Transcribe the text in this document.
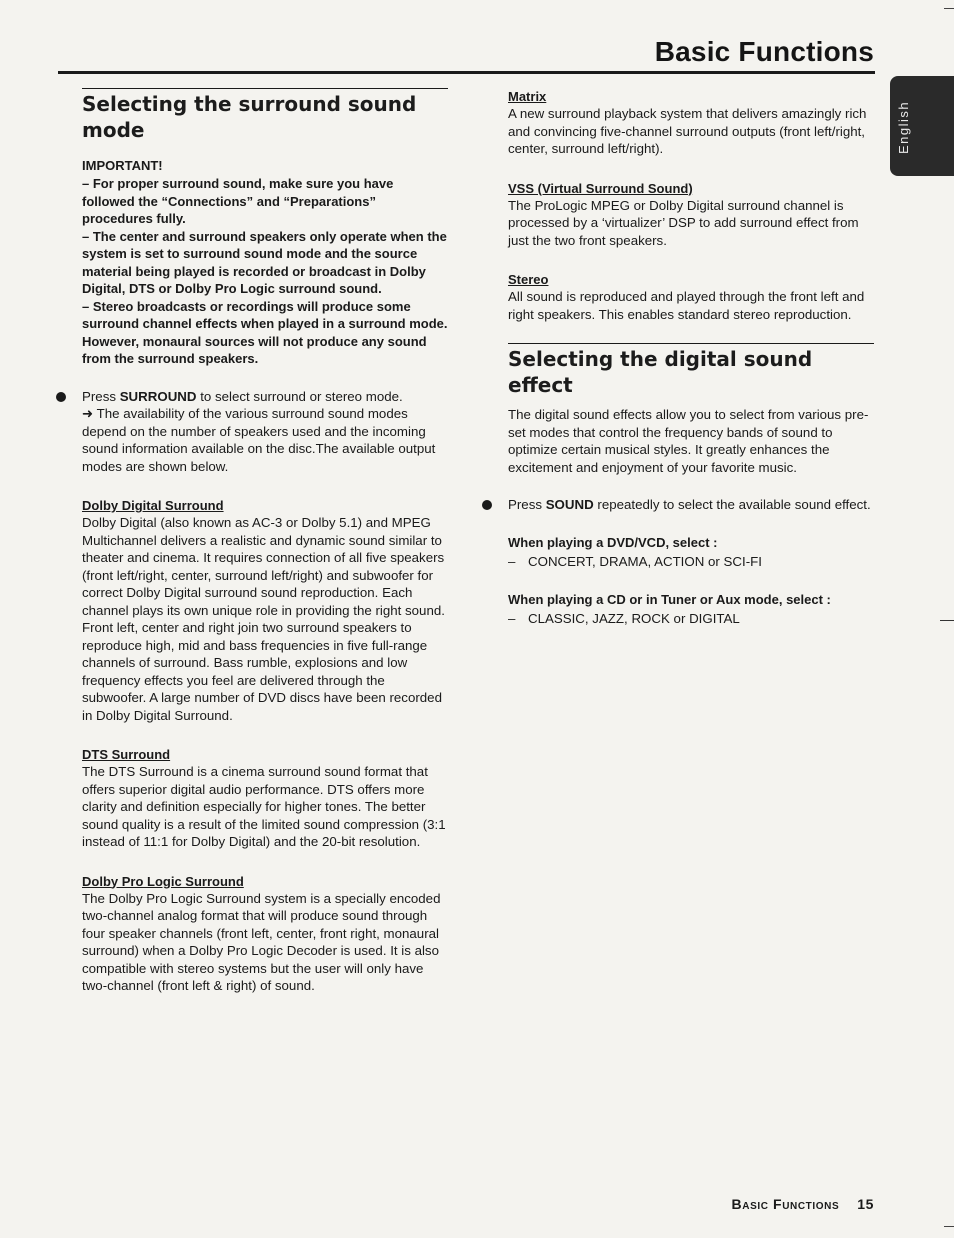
Basic Functions
English
Selecting the surround sound mode
IMPORTANT!

– For proper surround sound, make sure you have followed the “Connections” and “Preparations” procedures fully.

– The center and surround speakers only operate when the system is set to surround sound mode and the source material being played is recorded or broadcast in Dolby Digital, DTS or Dolby Pro Logic surround sound.

– Stereo broadcasts or recordings will produce some surround channel effects when played in a surround mode. However, monaural sources will not produce any sound from the surround speakers.

Press SURROUND to select surround or stereo mode.

➜ The availability of the various surround sound modes depend on the number of speakers used and the incoming sound information available on the disc.The available output modes are shown below.

Dolby Digital Surround

Dolby Digital (also known as AC-3 or Dolby 5.1) and MPEG Multichannel delivers a realistic and dynamic sound similar to theater and cinema. It requires connection of all five speakers (front left/right, center, surround left/right) and subwoofer for correct Dolby Digital surround sound reproduction. Each channel plays its own unique role in providing the right sound. Front left, center and right join two surround speakers to reproduce high, mid and bass frequencies in five full-range channels of surround. Bass rumble, explosions and low frequency effects you feel are delivered through the subwoofer. A large number of DVD discs have been recorded in Dolby Digital Surround.

DTS Surround

The DTS Surround is a cinema surround sound format that offers superior digital audio performance. DTS offers more clarity and definition especially for higher tones. The better sound quality is a result of the limited sound compression (3:1 instead of 11:1 for Dolby Digital) and the 20-bit resolution.

Dolby Pro Logic Surround

The Dolby Pro Logic Surround system is a specially encoded two-channel analog format that will produce sound through four speaker channels (front left, center, front right, monaural surround) when a Dolby Pro Logic Decoder is used. It is also compatible with stereo systems but the user will only have two-channel (front left & right) of sound.

Matrix

A new surround playback system that delivers amazingly rich and convincing five-channel surround outputs (front left/right, center, surround left/right).

VSS (Virtual Surround Sound)

The ProLogic MPEG or Dolby Digital surround channel is processed by a ‘virtualizer’ DSP to add surround effect from just the two front speakers.

Stereo

All sound is reproduced and played through the front left and right speakers. This enables standard stereo reproduction.

Selecting the digital sound effect

The digital sound effects allow you to select from various pre-set modes that control the frequency bands of sound to optimize certain musical styles. It greatly enhances the excitement and enjoyment of your favorite music.

Press SOUND repeatedly to select the available sound effect.

When playing a DVD/VCD, select :
– CONCERT, DRAMA, ACTION or SCI-FI
When playing a CD or in Tuner or Aux mode, select :
– CLASSIC, JAZZ, ROCK or DIGITAL
Basic Functions 15
